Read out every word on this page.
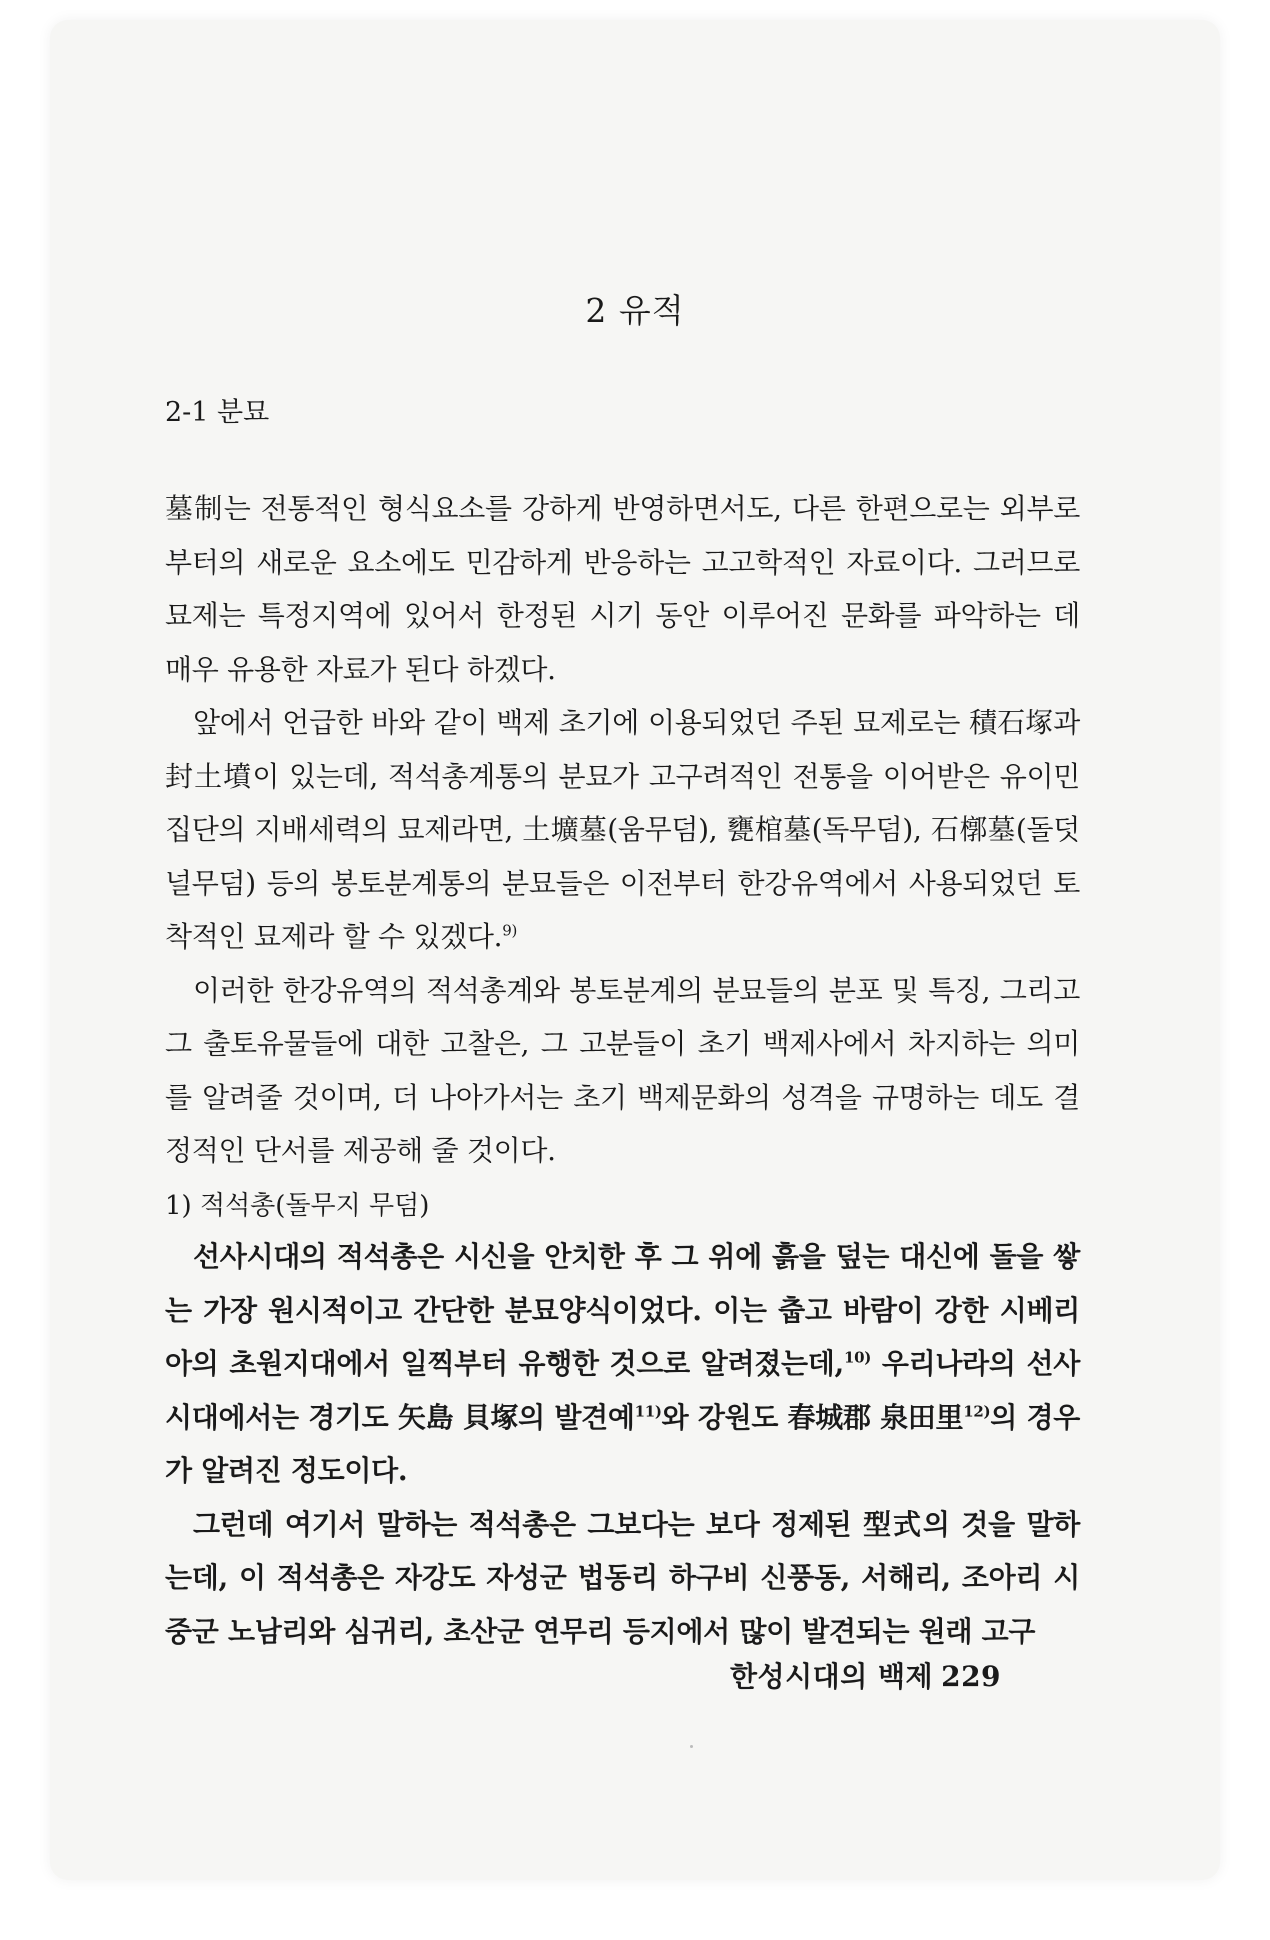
2 유적
2-1 분묘

墓制는 전통적인 형식요소를 강하게 반영하면서도, 다른 한편으로는 외부로부터의 새로운 요소에도 민감하게 반응하는 고고학적인 자료이다. 그러므로 묘제는 특정지역에 있어서 한정된 시기 동안 이루어진 문화를 파악하는 데 매우 유용한 자료가 된다 하겠다.

앞에서 언급한 바와 같이 백제 초기에 이용되었던 주된 묘제로는 積石塚과 封土墳이 있는데, 적석총계통의 분묘가 고구려적인 전통을 이어받은 유이민집단의 지배세력의 묘제라면, 土壙墓(움무덤), 甕棺墓(독무덤), 石槨墓(돌덧널무덤) 등의 봉토분계통의 분묘들은 이전부터 한강유역에서 사용되었던 토착적인 묘제라 할 수 있겠다.$^{9)}$

이러한 한강유역의 적석총계와 봉토분계의 분묘들의 분포 및 특징, 그리고 그 출토유물들에 대한 고찰은, 그 고분들이 초기 백제사에서 차지하는 의미를 알려줄 것이며, 더 나아가서는 초기 백제문화의 성격을 규명하는 데도 결정적인 단서를 제공해 줄 것이다.

1) 적석총(돌무지 무덤)

선사시대의 적석총은 시신을 안치한 후 그 위에 흙을 덮는 대신에 돌을 쌓는 가장 원시적이고 간단한 분묘양식이었다. 이는 춥고 바람이 강한 시베리아의 초원지대에서 일찍부터 유행한 것으로 알려졌는데,$^{10)}$ 우리나라의 선사시대에서는 경기도 矢島 貝塚의 발견예$^{11)}$와 강원도 春城郡 泉田里$^{12)}$의 경우가 알려진 정도이다.

그런데 여기서 말하는 적석총은 그보다는 보다 정제된 型式의 것을 말하는데, 이 적석총은 자강도 자성군 법동리 하구비 신풍동, 서해리, 조아리 시중군 노남리와 심귀리, 초산군 연무리 등지에서 많이 발견되는 원래 고구

한성시대의 백제 229
